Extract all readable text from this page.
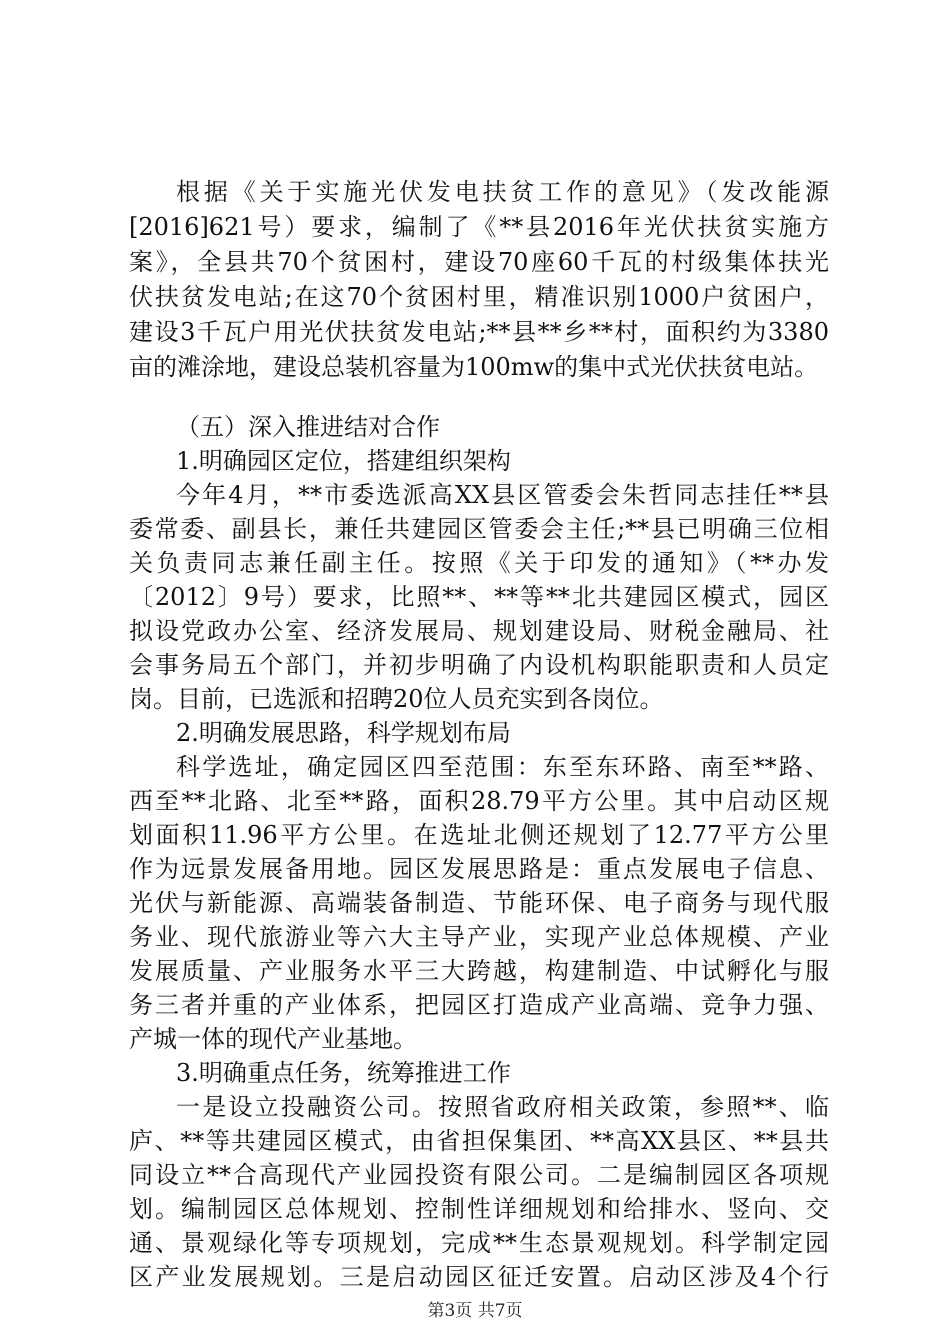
根据《关于实施光伏发电扶贫工作的意见》（发改能源
[2016]621号）要求，编制了《**县2016年光伏扶贫实施方
案》，全县共70个贫困村，建设70座60千瓦的村级集体扶光
伏扶贫发电站;在这70个贫困村里，精准识别1000户贫困户，
建设3千瓦户用光伏扶贫发电站;**县**乡**村，面积约为3380
亩的滩涂地，建设总装机容量为100mw的集中式光伏扶贫电站。
（五）深入推进结对合作
1.明确园区定位，搭建组织架构
今年4月，**市委选派高XX县区管委会朱哲同志挂任**县
委常委、副县长，兼任共建园区管委会主任;**县已明确三位相
关负责同志兼任副主任。按照《关于印发的通知》（**办发
〔2012〕9号）要求，比照**、**等**北共建园区模式，园区
拟设党政办公室、经济发展局、规划建设局、财税金融局、社
会事务局五个部门，并初步明确了内设机构职能职责和人员定
岗。目前，已选派和招聘20位人员充实到各岗位。
2.明确发展思路，科学规划布局
科学选址，确定园区四至范围：东至东环路、南至**路、
西至**北路、北至**路，面积28.79平方公里。其中启动区规
划面积11.96平方公里。在选址北侧还规划了12.77平方公里
作为远景发展备用地。园区发展思路是：重点发展电子信息、
光伏与新能源、高端装备制造、节能环保、电子商务与现代服
务业、现代旅游业等六大主导产业，实现产业总体规模、产业
发展质量、产业服务水平三大跨越，构建制造、中试孵化与服
务三者并重的产业体系，把园区打造成产业高端、竞争力强、
产城一体的现代产业基地。
3.明确重点任务，统筹推进工作
一是设立投融资公司。按照省政府相关政策，参照**、临
庐、**等共建园区模式，由省担保集团、**高XX县区、**县共
同设立**合高现代产业园投资有限公司。二是编制园区各项规
划。编制园区总体规划、控制性详细规划和给排水、竖向、交
通、景观绿化等专项规划，完成**生态景观规划。科学制定园
区产业发展规划。三是启动园区征迁安置。启动区涉及4个行
第3页 共7页
